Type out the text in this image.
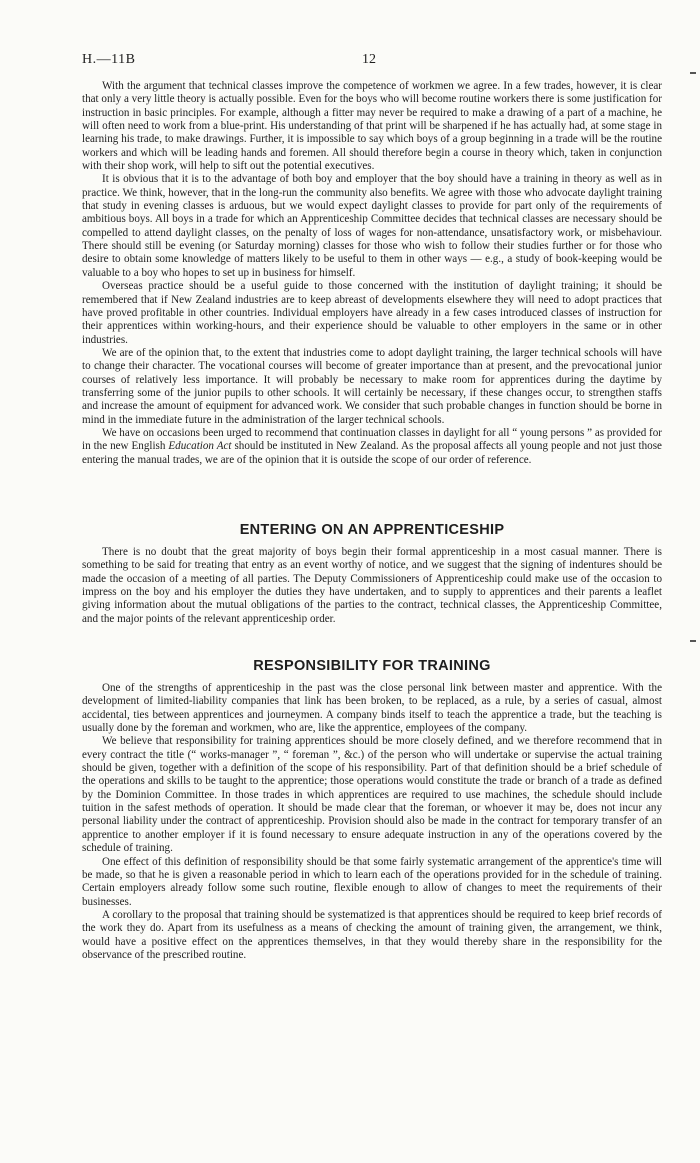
H.—11B	12

With the argument that technical classes improve the competence of workmen we agree. In a few trades, however, it is clear that only a very little theory is actually possible. Even for the boys who will become routine workers there is some justification for instruction in basic principles. For example, although a fitter may never be required to make a drawing of a part of a machine, he will often need to work from a blue-print. His understanding of that print will be sharpened if he has actually had, at some stage in learning his trade, to make drawings. Further, it is impossible to say which boys of a group beginning in a trade will be the routine workers and which will be leading hands and foremen. All should therefore begin a course in theory which, taken in conjunction with their shop work, will help to sift out the potential executives.

It is obvious that it is to the advantage of both boy and employer that the boy should have a training in theory as well as in practice. We think, however, that in the long-run the community also benefits. We agree with those who advocate daylight training that study in evening classes is arduous, but we would expect daylight classes to provide for part only of the requirements of ambitious boys. All boys in a trade for which an Apprenticeship Committee decides that technical classes are necessary should be compelled to attend daylight classes, on the penalty of loss of wages for non-attendance, unsatisfactory work, or misbehaviour. There should still be evening (or Saturday morning) classes for those who wish to follow their studies further or for those who desire to obtain some knowledge of matters likely to be useful to them in other ways — e.g., a study of book-keeping would be valuable to a boy who hopes to set up in business for himself.

Overseas practice should be a useful guide to those concerned with the institution of daylight training; it should be remembered that if New Zealand industries are to keep abreast of developments elsewhere they will need to adopt practices that have proved profitable in other countries. Individual employers have already in a few cases introduced classes of instruction for their apprentices within working-hours, and their experience should be valuable to other employers in the same or in other industries.

We are of the opinion that, to the extent that industries come to adopt daylight training, the larger technical schools will have to change their character. The vocational courses will become of greater importance than at present, and the prevocational junior courses of relatively less importance. It will probably be necessary to make room for apprentices during the daytime by transferring some of the junior pupils to other schools. It will certainly be necessary, if these changes occur, to strengthen staffs and increase the amount of equipment for advanced work. We consider that such probable changes in function should be borne in mind in the immediate future in the administration of the larger technical schools.

We have on occasions been urged to recommend that continuation classes in daylight for all “ young persons ” as provided for in the new English Education Act should be instituted in New Zealand. As the proposal affects all young people and not just those entering the manual trades, we are of the opinion that it is outside the scope of our order of reference.

ENTERING ON AN APPRENTICESHIP

There is no doubt that the great majority of boys begin their formal apprenticeship in a most casual manner. There is something to be said for treating that entry as an event worthy of notice, and we suggest that the signing of indentures should be made the occasion of a meeting of all parties. The Deputy Commissioners of Apprenticeship could make use of the occasion to impress on the boy and his employer the duties they have undertaken, and to supply to apprentices and their parents a leaflet giving information about the mutual obligations of the parties to the contract, technical classes, the Apprenticeship Committee, and the major points of the relevant apprenticeship order.

RESPONSIBILITY FOR TRAINING

One of the strengths of apprenticeship in the past was the close personal link between master and apprentice. With the development of limited-liability companies that link has been broken, to be replaced, as a rule, by a series of casual, almost accidental, ties between apprentices and journeymen. A company binds itself to teach the apprentice a trade, but the teaching is usually done by the foreman and workmen, who are, like the apprentice, employees of the company.

We believe that responsibility for training apprentices should be more closely defined, and we therefore recommend that in every contract the title (“ works-manager ”, “ foreman ”, &c.) of the person who will undertake or supervise the actual training should be given, together with a definition of the scope of his responsibility. Part of that definition should be a brief schedule of the operations and skills to be taught to the apprentice; those operations would constitute the trade or branch of a trade as defined by the Dominion Committee. In those trades in which apprentices are required to use machines, the schedule should include tuition in the safest methods of operation. It should be made clear that the foreman, or whoever it may be, does not incur any personal liability under the contract of apprenticeship. Provision should also be made in the contract for temporary transfer of an apprentice to another employer if it is found necessary to ensure adequate instruction in any of the operations covered by the schedule of training.

One effect of this definition of responsibility should be that some fairly systematic arrangement of the apprentice's time will be made, so that he is given a reasonable period in which to learn each of the operations provided for in the schedule of training. Certain employers already follow some such routine, flexible enough to allow of changes to meet the requirements of their businesses.

A corollary to the proposal that training should be systematized is that apprentices should be required to keep brief records of the work they do. Apart from its usefulness as a means of checking the amount of training given, the arrangement, we think, would have a positive effect on the apprentices themselves, in that they would thereby share in the responsibility for the observance of the prescribed routine.
